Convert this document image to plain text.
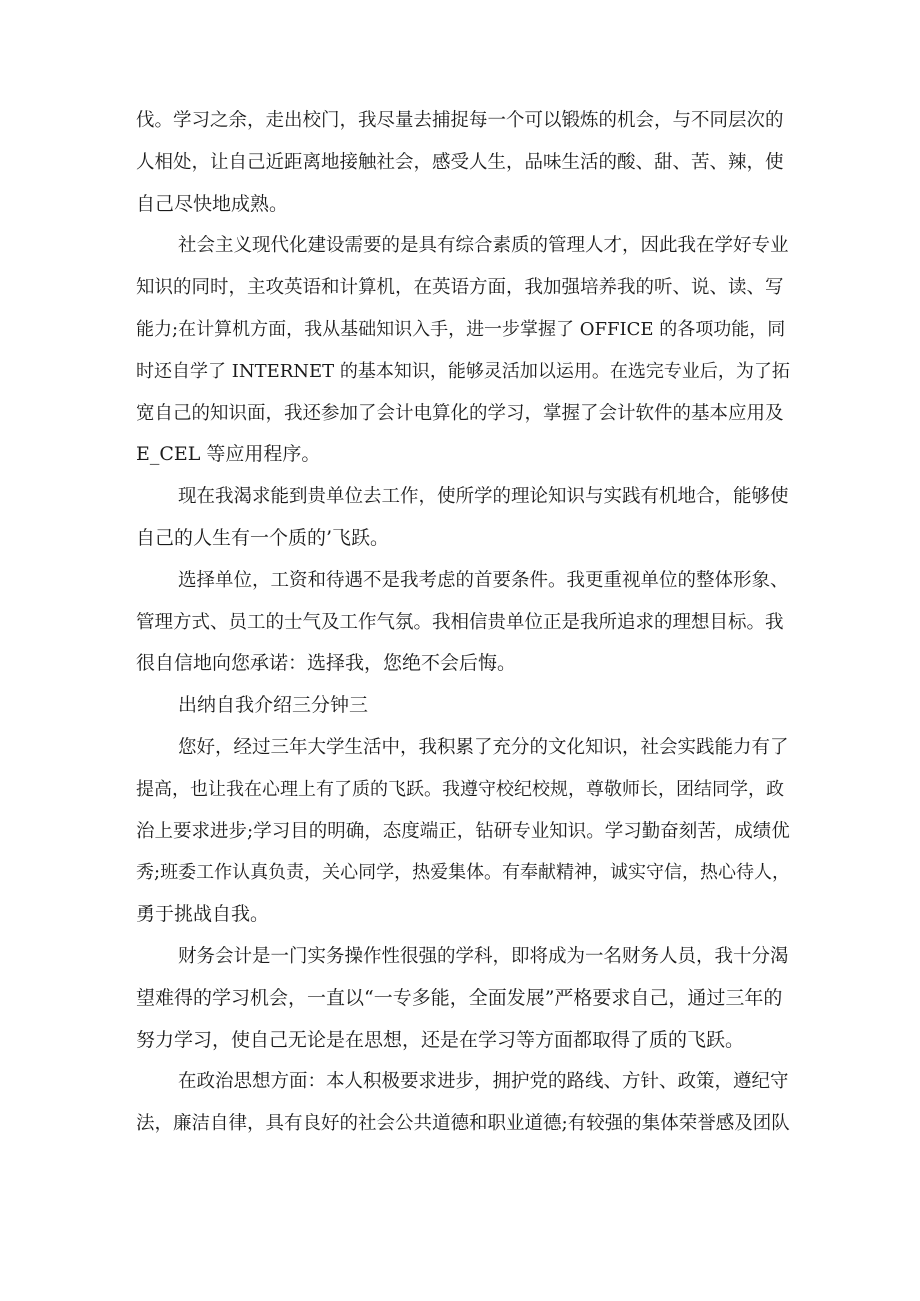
伐。学习之余，走出校门，我尽量去捕捉每一个可以锻炼的机会，与不同层次的
人相处，让自己近距离地接触社会，感受人生，品味生活的酸、甜、苦、辣，使
自己尽快地成熟。
社会主义现代化建设需要的是具有综合素质的管理人才，因此我在学好专业
知识的同时，主攻英语和计算机，在英语方面，我加强培养我的听、说、读、写
能力;在计算机方面，我从基础知识入手，进一步掌握了 OFFICE 的各项功能，同
时还自学了 INTERNET 的基本知识，能够灵活加以运用。在选完专业后，为了拓
宽自己的知识面，我还参加了会计电算化的学习，掌握了会计软件的基本应用及
E_CEL 等应用程序。
现在我渴求能到贵单位去工作，使所学的理论知识与实践有机地合，能够使
自己的人生有一个质的’飞跃。
选择单位，工资和待遇不是我考虑的首要条件。我更重视单位的整体形象、
管理方式、员工的士气及工作气氛。我相信贵单位正是我所追求的理想目标。我
很自信地向您承诺：选择我，您绝不会后悔。
出纳自我介绍三分钟三
您好，经过三年大学生活中，我积累了充分的文化知识，社会实践能力有了
提高，也让我在心理上有了质的飞跃。我遵守校纪校规，尊敬师长，团结同学，政
治上要求进步;学习目的明确，态度端正，钻研专业知识。学习勤奋刻苦，成绩优
秀;班委工作认真负责，关心同学，热爱集体。有奉献精神，诚实守信，热心待人，
勇于挑战自我。
财务会计是一门实务操作性很强的学科，即将成为一名财务人员，我十分渴
望难得的学习机会，一直以“一专多能，全面发展”严格要求自己，通过三年的
努力学习，使自己无论是在思想，还是在学习等方面都取得了质的飞跃。
在政治思想方面：本人积极要求进步，拥护党的路线、方针、政策，遵纪守
法，廉洁自律，具有良好的社会公共道德和职业道德;有较强的集体荣誉感及团队
